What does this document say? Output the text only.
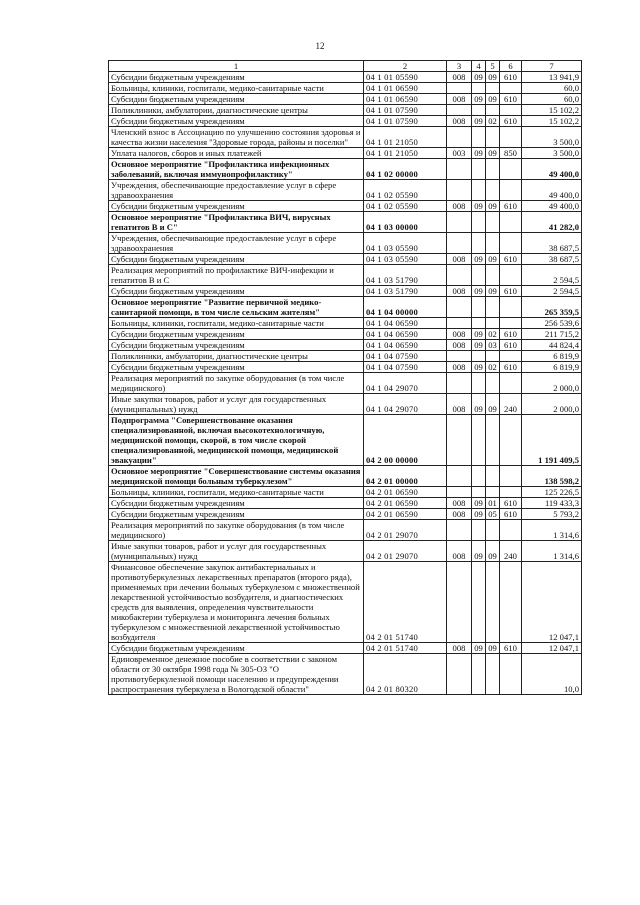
12
1	2	3	4	5	6	7
Субсидии бюджетным учреждениям	04 1 01 05590	008	09	09	610	13 941,9
Больницы, клиники, госпитали, медико-санитарные части	04 1 01 06590					60,0
Субсидии бюджетным учреждениям	04 1 01 06590	008	09	09	610	60,0
Поликлиники, амбулатории, диагностические центры	04 1 01 07590					15 102,2
Субсидии бюджетным учреждениям	04 1 01 07590	008	09	02	610	15 102,2
Членский взнос в Ассоциацию по улучшению состояния здоровья и качества жизни населения "Здоровые города, районы и поселки"	04 1 01 21050					3 500,0
Уплата налогов, сборов и иных платежей	04 1 01 21050	003	09	09	850	3 500,0
Основное мероприятие "Профилактика инфекционных заболеваний, включая иммунопрофилактику"	04 1 02 00000					49 400,0
Учреждения, обеспечивающие предоставление услуг в сфере здравоохранения	04 1 02 05590					49 400,0
Субсидии бюджетным учреждениям	04 1 02 05590	008	09	09	610	49 400,0
Основное мероприятие "Профилактика ВИЧ, вирусных гепатитов В и С"	04 1 03 00000					41 282,0
Учреждения, обеспечивающие предоставление услуг в сфере здравоохранения	04 1 03 05590					38 687,5
Субсидии бюджетным учреждениям	04 1 03 05590	008	09	09	610	38 687,5
Реализация мероприятий по профилактике ВИЧ-инфекции и гепатитов В и С	04 1 03 51790					2 594,5
Субсидии бюджетным учреждениям	04 1 03 51790	008	09	09	610	2 594,5
Основное мероприятие "Развитие первичной медико-санитарной помощи, в том числе сельским жителям"	04 1 04 00000					265 359,5
Больницы, клиники, госпитали, медико-санитарные части	04 1 04 06590					256 539,6
Субсидии бюджетным учреждениям	04 1 04 06590	008	09	02	610	211 715,2
Субсидии бюджетным учреждениям	04 1 04 06590	008	09	03	610	44 824,4
Поликлиники, амбулатории, диагностические центры	04 1 04 07590					6 819,9
Субсидии бюджетным учреждениям	04 1 04 07590	008	09	02	610	6 819,9
Реализация мероприятий по закупке оборудования (в том числе медицинского)	04 1 04 29070					2 000,0
Иные закупки товаров, работ и услуг для государственных (муниципальных) нужд	04 1 04 29070	008	09	09	240	2 000,0
Подпрограмма "Совершенствование оказания специализированной, включая высокотехнологичную, медицинской помощи, скорой, в том числе скорой специализированной, медицинской помощи, медицинской эвакуации"	04 2 00 00000					1 191 409,5
Основное мероприятие "Совершенствование системы оказания медицинской помощи больным туберкулезом"	04 2 01 00000					138 598,2
Больницы, клиники, госпитали, медико-санитарные части	04 2 01 06590					125 226,5
Субсидии бюджетным учреждениям	04 2 01 06590	008	09	01	610	119 433,3
Субсидии бюджетным учреждениям	04 2 01 06590	008	09	05	610	5 793,2
Реализация мероприятий по закупке оборудования (в том числе медицинского)	04 2 01 29070					1 314,6
Иные закупки товаров, работ и услуг для государственных (муниципальных) нужд	04 2 01 29070	008	09	09	240	1 314,6
Финансовое обеспечение закупок антибактериальных и противотуберкулезных лекарственных препаратов (второго ряда), применяемых при лечении больных туберкулезом с множественной лекарственной устойчивостью возбудителя, и диагностических средств для выявления, определения чувствительности микобактерии туберкулеза и мониторинга лечения больных туберкулезом с множественной лекарственной устойчивостью возбудителя	04 2 01 51740					12 047,1
Субсидии бюджетным учреждениям	04 2 01 51740	008	09	09	610	12 047,1
Единовременное денежное пособие в соответствии с законом области от 30 октября 1998 года № 305-ОЗ "О противотуберкулезной помощи населению и предупреждении распространения туберкулеза в Вологодской области"	04 2 01 80320					10,0
